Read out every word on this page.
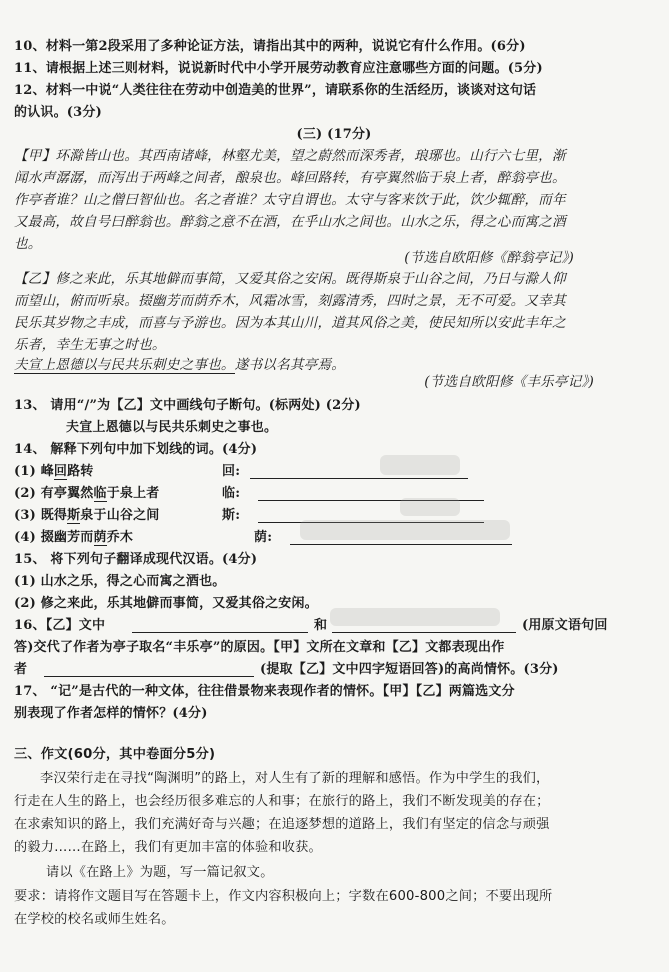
10、材料一第2段采用了多种论证方法，请指出其中的两种，说说它有什么作用。(6分)
11、请根据上述三则材料，说说新时代中小学开展劳动教育应注意哪些方面的问题。(5分)
12、材料一中说“人类往往在劳动中创造美的世界”，请联系你的生活经历，谈谈对这句话
的认识。(3分)
(三) (17分)
【甲】环滁皆山也。其西南诸峰，林壑尤美，望之蔚然而深秀者，琅琊也。山行六七里，渐
闻水声潺潺，而泻出于两峰之间者，酿泉也。峰回路转，有亭翼然临于泉上者，醉翁亭也。
作亭者谁？山之僧曰智仙也。名之者谁？太守自谓也。太守与客来饮于此，饮少辄醉，而年
又最高，故自号曰醉翁也。醉翁之意不在酒，在乎山水之间也。山水之乐，得之心而寓之酒
也。
(节选自欧阳修《醉翁亭记》)
【乙】修之来此，乐其地僻而事简，又爱其俗之安闲。既得斯泉于山谷之间，乃日与滁人仰
而望山，俯而听泉。掇幽芳而荫乔木，风霜冰雪，刻露清秀，四时之景，无不可爱。又幸其
民乐其岁物之丰成，而喜与予游也。因为本其山川，道其风俗之美，使民知所以安此丰年之
乐者，幸生无事之时也。
夫宣上恩德以与民共乐刺史之事也。遂书以名其亭焉。
(节选自欧阳修《丰乐亭记》)
13、 请用“/”为【乙】文中画线句子断句。(标两处) (2分)
夫宣上恩德以与民共乐刺史之事也。
14、 解释下列句中加下划线的词。(4分)
(1) 峰回路转	回:
(2) 有亭翼然临于泉上者	临:
(3) 既得斯泉于山谷之间	斯:
(4) 掇幽芳而荫乔木	荫:
15、 将下列句子翻译成现代汉语。(4分)
(1) 山水之乐，得之心而寓之酒也。
(2) 修之来此，乐其地僻而事简，又爱其俗之安闲。
16、【乙】文中	和	(用原文语句回
答)交代了作者为亭子取名“丰乐亭”的原因。【甲】文所在文章和【乙】文都表现出作
者	(提取【乙】文中四字短语回答)的高尚情怀。(3分)
17、 “记”是古代的一种文体，往往借景物来表现作者的情怀。【甲】【乙】两篇选文分
别表现了作者怎样的情怀？(4分)
三、作文(60分，其中卷面分5分)
李汉荣行走在寻找“陶渊明”的路上，对人生有了新的理解和感悟。作为中学生的我们，
行走在人生的路上，也会经历很多难忘的人和事；在旅行的路上，我们不断发现美的存在；
在求索知识的路上，我们充满好奇与兴趣；在追逐梦想的道路上，我们有坚定的信念与顽强
的毅力……在路上，我们有更加丰富的体验和收获。
请以《在路上》为题，写一篇记叙文。
要求：请将作文题目写在答题卡上，作文内容积极向上；字数在600-800之间；不要出现所
在学校的校名或师生姓名。
